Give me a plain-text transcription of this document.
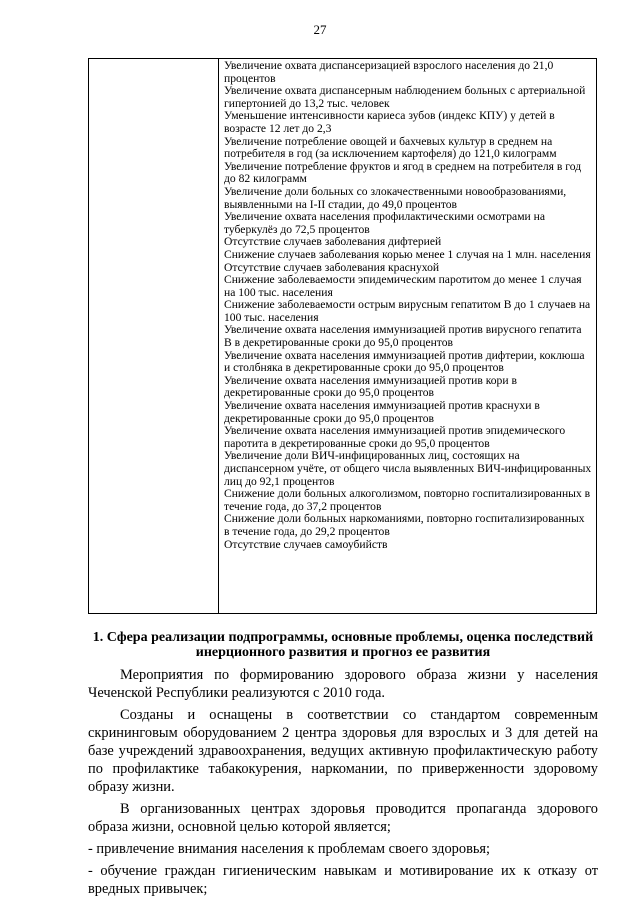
27

Увеличение охвата диспансеризацией взрослого населения до 21,0 процентов

Увеличение охвата диспансерным наблюдением больных с артериальной гипертонией до 13,2 тыс. человек

Уменьшение интенсивности кариеса зубов (индекс КПУ) у детей в возрасте 12 лет до 2,3

Увеличение потребление овощей и бахчевых культур в среднем на потребителя в год (за исключением картофеля) до 121,0 килограмм

Увеличение потребление фруктов и ягод в среднем на потребителя в год до 82 килограмм

Увеличение доли больных со злокачественными новообразованиями, выявленными на I-II стадии, до 49,0 процентов

Увеличение охвата населения профилактическими осмотрами на туберкулёз до 72,5 процентов

Отсутствие случаев заболевания дифтерией

Снижение случаев заболевания корью менее 1 случая на 1 млн. населения

Отсутствие случаев заболевания краснухой

Снижение заболеваемости эпидемическим паротитом до менее 1 случая на 100 тыс. населения

Снижение заболеваемости острым вирусным гепатитом В до 1 случаев на 100 тыс. населения

Увеличение охвата населения иммунизацией против вирусного гепатита В в декретированные сроки до 95,0 процентов

Увеличение охвата населения иммунизацией против дифтерии, коклюша и столбняка в декретированные сроки до 95,0 процентов

Увеличение охвата населения иммунизацией против кори в декретированные сроки до 95,0 процентов

Увеличение охвата населения иммунизацией против краснухи в декретированные сроки до 95,0 процентов

Увеличение охвата населения иммунизацией против эпидемического паротита в декретированные сроки до 95,0 процентов

Увеличение доли ВИЧ-инфицированных лиц, состоящих на диспансерном учёте, от общего числа выявленных ВИЧ-инфицированных лиц до 92,1 процентов

Снижение доли больных алкоголизмом, повторно госпитализированных в течение года, до 37,2 процентов

Снижение доли больных наркоманиями, повторно госпитализированных в течение года, до 29,2 процентов

Отсутствие случаев самоубийств

1. Сфера реализации подпрограммы, основные проблемы, оценка последствий инерционного развития и прогноз ее развития

Мероприятия по формированию здорового образа жизни у населения Чеченской Республики реализуются с 2010 года.

Созданы и оснащены в соответствии со стандартом современным скрининговым оборудованием 2 центра здоровья для взрослых и 3 для детей на базе учреждений здравоохранения, ведущих активную профилактическую работу по профилактике табакокурения, наркомании, по приверженности здоровому образу жизни.

В организованных центрах здоровья проводится пропаганда здорового образа жизни, основной целью которой является;

- привлечение внимания населения к проблемам своего здоровья;

- обучение граждан гигиеническим навыкам и мотивирование их к отказу от вредных привычек;
